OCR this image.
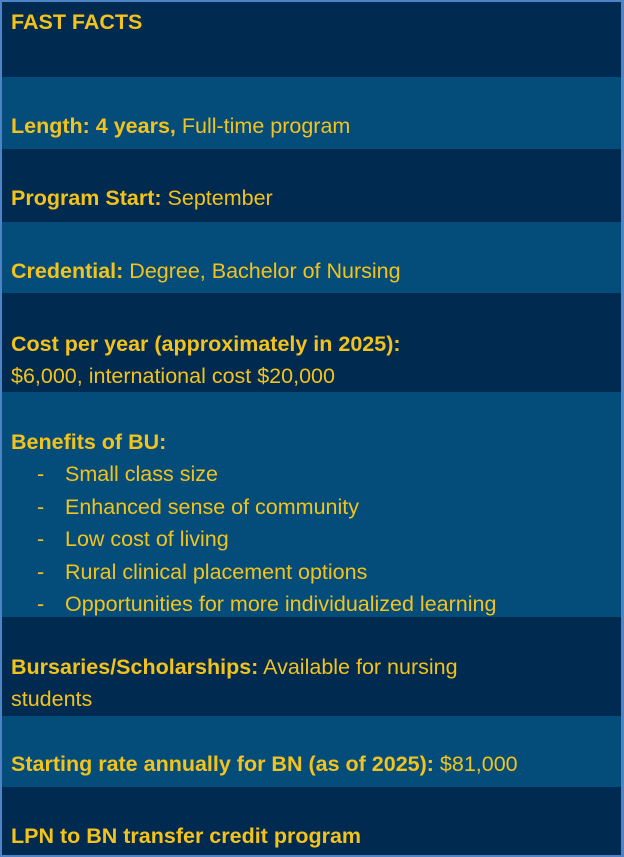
FAST FACTS
Length: 4 years, Full-time program
Program Start: September
Credential: Degree, Bachelor of Nursing
Cost per year (approximately in 2025):
$6,000, international cost $20,000
Benefits of BU:
- Small class size
- Enhanced sense of community
- Low cost of living
- Rural clinical placement options
- Opportunities for more individualized learning
Bursaries/Scholarships: Available for nursing
students
Starting rate annually for BN (as of 2025): $81,000
LPN to BN transfer credit program
